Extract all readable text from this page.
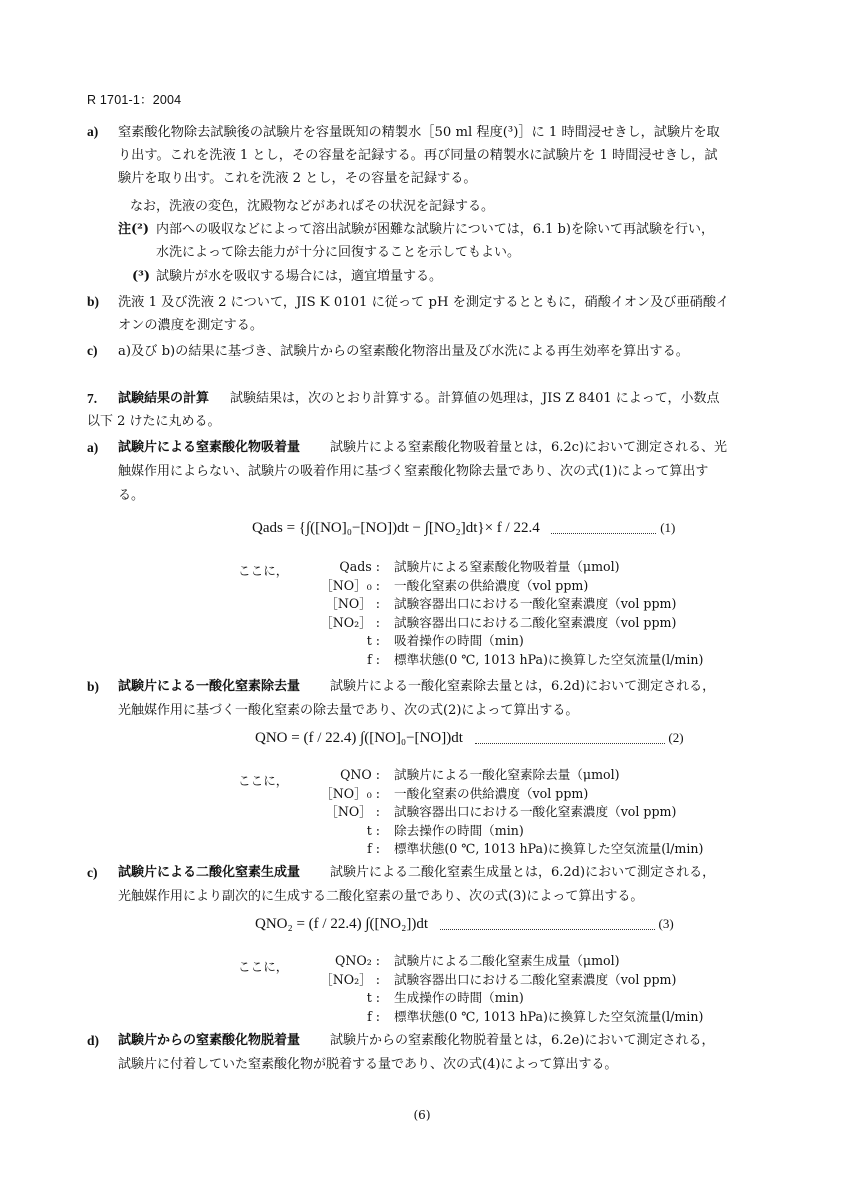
R 1701-1：2004
a) 窒素酸化物除去試験後の試験片を容量既知の精製水［50 ml 程度(³)］に 1 時間浸せきし，試験片を取
り出す。これを洗液 1 とし，その容量を記録する。再び同量の精製水に試験片を 1 時間浸せきし，試
験片を取り出す。これを洗液 2 とし，その容量を記録する。
なお，洗液の変色，沈殿物などがあればその状況を記録する。
注(²) 内部への吸収などによって溶出試験が困難な試験片については，6.1 b)を除いて再試験を行い，
水洗によって除去能力が十分に回復することを示してもよい。
(³) 試験片が水を吸収する場合には，適宜増量する。
b) 洗液 1 及び洗液 2 について，JIS K 0101 に従って pH を測定するとともに，硝酸イオン及び亜硝酸イ
オンの濃度を測定する。
c) a)及び b)の結果に基づき、試験片からの窒素酸化物溶出量及び水洗による再生効率を算出する。
7. 試験結果の計算 試験結果は，次のとおり計算する。計算値の処理は，JIS Z 8401 によって，小数点
以下 2 けたに丸める。
a) 試験片による窒素酸化物吸着量 試験片による窒素酸化物吸着量とは，6.2c)において測定される、光
触媒作用によらない、試験片の吸着作用に基づく窒素酸化物除去量であり、次の式(1)によって算出す
る。
Qads = {∫([NO]₀−[NO])dt − ∫[NO₂]dt}× f / 22.4	(1)
ここに，	Qads : 試験片による窒素酸化物吸着量（μmol)
［NO］₀ : 一酸化窒素の供給濃度（vol ppm)
［NO］ : 試験容器出口における一酸化窒素濃度（vol ppm)
［NO₂］ : 試験容器出口における二酸化窒素濃度（vol ppm)
t : 吸着操作の時間（min)
f : 標準状態(0 ℃, 1013 hPa)に換算した空気流量(l/min)
b) 試験片による一酸化窒素除去量 試験片による一酸化窒素除去量とは，6.2d)において測定される，
光触媒作用に基づく一酸化窒素の除去量であり、次の式(2)によって算出する。
QNO = (f / 22.4) ∫([NO]₀−[NO])dt	(2)
ここに，	QNO : 試験片による一酸化窒素除去量（μmol)
［NO］₀ : 一酸化窒素の供給濃度（vol ppm)
［NO］ : 試験容器出口における一酸化窒素濃度（vol ppm)
t : 除去操作の時間（min)
f : 標準状態(0 ℃, 1013 hPa)に換算した空気流量(l/min)
c) 試験片による二酸化窒素生成量 試験片による二酸化窒素生成量とは，6.2d)において測定される，
光触媒作用により副次的に生成する二酸化窒素の量であり、次の式(3)によって算出する。
QNO₂ = (f / 22.4) ∫([NO₂])dt	(3)
ここに，	QNO₂ : 試験片による二酸化窒素生成量（μmol)
［NO₂］ : 試験容器出口における二酸化窒素濃度（vol ppm)
t : 生成操作の時間（min)
f : 標準状態(0 ℃, 1013 hPa)に換算した空気流量(l/min)
d) 試験片からの窒素酸化物脱着量 試験片からの窒素酸化物脱着量とは，6.2e)において測定される，
試験片に付着していた窒素酸化物が脱着する量であり、次の式(4)によって算出する。
(6)
